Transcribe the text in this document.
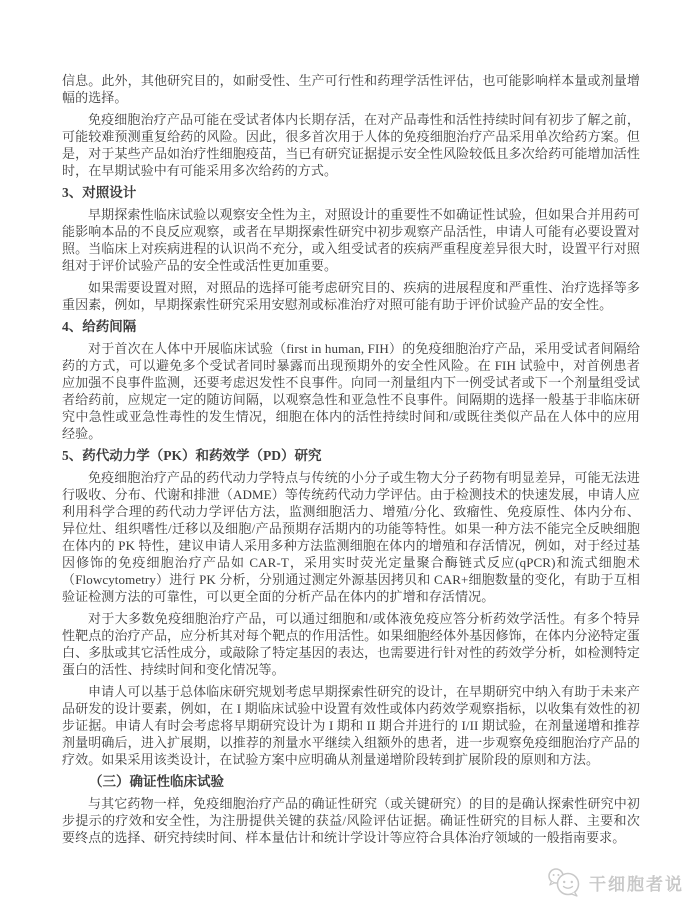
信息。此外，其他研究目的，如耐受性、生产可行性和药理学活性评估，也可能影响样本量或剂量增幅的选择。

免疫细胞治疗产品可能在受试者体内长期存活，在对产品毒性和活性持续时间有初步了解之前，可能较难预测重复给药的风险。因此，很多首次用于人体的免疫细胞治疗产品采用单次给药方案。但是，对于某些产品如治疗性细胞疫苗，当已有研究证据提示安全性风险较低且多次给药可能增加活性时，在早期试验中有可能采用多次给药的方式。

3、对照设计

早期探索性临床试验以观察安全性为主，对照设计的重要性不如确证性试验，但如果合并用药可能影响本品的不良反应观察，或者在早期探索性研究中初步观察产品活性，申请人可能有必要设置对照。当临床上对疾病进程的认识尚不充分，或入组受试者的疾病严重程度差异很大时，设置平行对照组对于评价试验产品的安全性或活性更加重要。

如果需要设置对照，对照品的选择可能考虑研究目的、疾病的进展程度和严重性、治疗选择等多重因素，例如，早期探索性研究采用安慰剂或标准治疗对照可能有助于评价试验产品的安全性。

4、给药间隔

对于首次在人体中开展临床试验（first in human, FIH）的免疫细胞治疗产品，采用受试者间隔给药的方式，可以避免多个受试者同时暴露而出现预期外的安全性风险。在 FIH 试验中，对首例患者应加强不良事件监测，还要考虑迟发性不良事件。向同一剂量组内下一例受试者或下一个剂量组受试者给药前，应规定一定的随访间隔，以观察急性和亚急性不良事件。间隔期的选择一般基于非临床研究中急性或亚急性毒性的发生情况，细胞在体内的活性持续时间和/或既往类似产品在人体中的应用经验。

5、药代动力学（PK）和药效学（PD）研究

免疫细胞治疗产品的药代动力学特点与传统的小分子或生物大分子药物有明显差异，可能无法进行吸收、分布、代谢和排泄（ADME）等传统药代动力学评估。由于检测技术的快速发展，申请人应利用科学合理的药代动力学评估方法，监测细胞活力、增殖/分化、致瘤性、免疫原性、体内分布、异位灶、组织嗜性/迁移以及细胞/产品预期存活期内的功能等特性。如果一种方法不能完全反映细胞在体内的 PK 特性，建议申请人采用多种方法监测细胞在体内的增殖和存活情况，例如，对于经过基因修饰的免疫细胞治疗产品如 CAR-T，采用实时荧光定量聚合酶链式反应(qPCR)和流式细胞术（Flowcytometry）进行 PK 分析，分别通过测定外源基因拷贝和 CAR+细胞数量的变化，有助于互相验证检测方法的可靠性，可以更全面的分析产品在体内的扩增和存活情况。

对于大多数免疫细胞治疗产品，可以通过细胞和/或体液免疫应答分析药效学活性。有多个特异性靶点的治疗产品，应分析其对每个靶点的作用活性。如果细胞经体外基因修饰，在体内分泌特定蛋白、多肽或其它活性成分，或敲除了特定基因的表达，也需要进行针对性的药效学分析，如检测特定蛋白的活性、持续时间和变化情况等。

申请人可以基于总体临床研究规划考虑早期探索性研究的设计，在早期研究中纳入有助于未来产品研发的设计要素，例如，在 I 期临床试验中设置有效性或体内药效学观察指标，以收集有效性的初步证据。申请人有时会考虑将早期研究设计为 I 期和 II 期合并进行的 I/II 期试验，在剂量递增和推荐剂量明确后，进入扩展期，以推荐的剂量水平继续入组额外的患者，进一步观察免疫细胞治疗产品的疗效。如果采用该类设计，在试验方案中应明确从剂量递增阶段转到扩展阶段的原则和方法。

（三）确证性临床试验

与其它药物一样，免疫细胞治疗产品的确证性研究（或关键研究）的目的是确认探索性研究中初步提示的疗效和安全性，为注册提供关键的获益/风险评估证据。确证性研究的目标人群、主要和次要终点的选择、研究持续时间、样本量估计和统计学设计等应符合具体治疗领域的一般指南要求。

干细胞者说
